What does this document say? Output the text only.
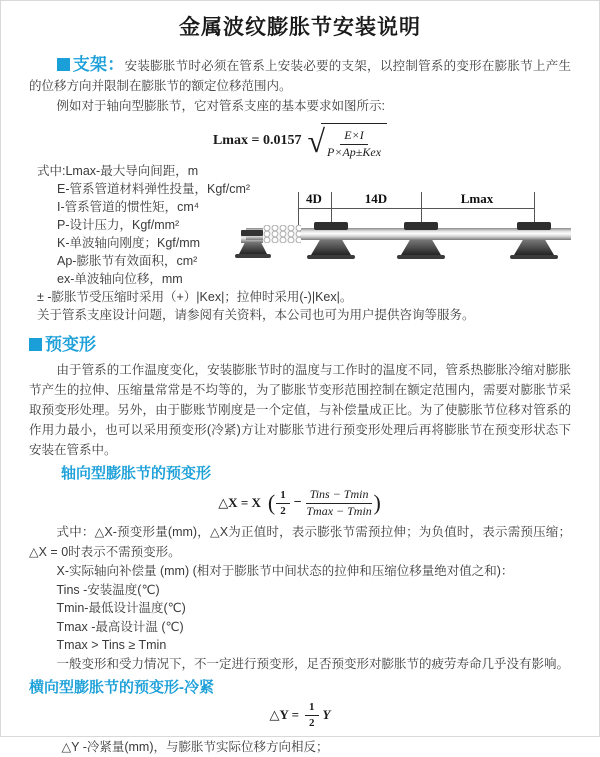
金属波纹膨胀节安装说明

支架：安装膨胀节时必须在管系上安装必要的支架，以控制管系的变形在膨胀节上产生的位移方向并限制在膨胀节的额定位移范围内。

例如对于轴向型膨胀节，它对管系支座的基本要求如图所示:

Lmax = 0.0157 √ $\frac{E\times I}{\text{P×Ap±Kex}}$
式中:Lmax-最大导向间距，m
E-管系管道材料弹性投量，Kgf/cm²
I-管系管道的惯性矩，cm⁴
P-设计压力，Kgf/mm²
K-单波轴向刚度；Kgf/mm
Ap-膨胀节有效面积，cm²
ex-单波轴向位移，mm
± -膨胀节受压缩时采用（+）|Kex|；拉伸时采用(-)|Kex|。
关于管系支座设计问题，请参阅有关资料，本公司也可为用户提供咨询等服务。
4D	14D	Lmax
预变形

由于管系的工作温度变化，安装膨胀节时的温度与工作时的温度不同，管系热膨胀冷缩对膨胀节产生的拉伸、压缩量常常是不均等的，为了膨胀节变形范围控制在额定范围内，需要对膨胀节采取预变形处理。另外，由于膨账节刚度是一个定值，与补偿量成正比。为了使膨胀节位移对管系的作用力最小，也可以采用预变形(冷紧)方让对膨胀节进行预变形处理后再将膨胀节在预变形状态下安装在管系中。

轴向型膨胀节的预变形
△X = X ( $\frac{1}{2} - \frac{\text{Tins − Tmin}}{Tmax - Tmin}$ )

式中：△X-预变形量(mm)，△X为正值时，表示膨张节需预拉伸；为负值时，表示需预压缩；△X = 0时表示不需预变形。

X-实际轴向补偿量 (mm) (相对于膨胀节中间状态的拉伸和压缩位移量绝对值之和)：

Tins -安装温度(℃)

Tmin-最低设计温度(℃)

Tmax -最高设计温 (℃)

Tmax > Tins ≥ Tmin

一般变形和受力情况下，不一定进行预变形，足否预变形对膨胀节的疲劳寿命几乎没有影响。

横向型膨胀节的预变形-冷紧
△Y = $\frac{1}{2}$ Y

△Y -冷紧量(mm)，与膨胀节实际位移方向相反；
